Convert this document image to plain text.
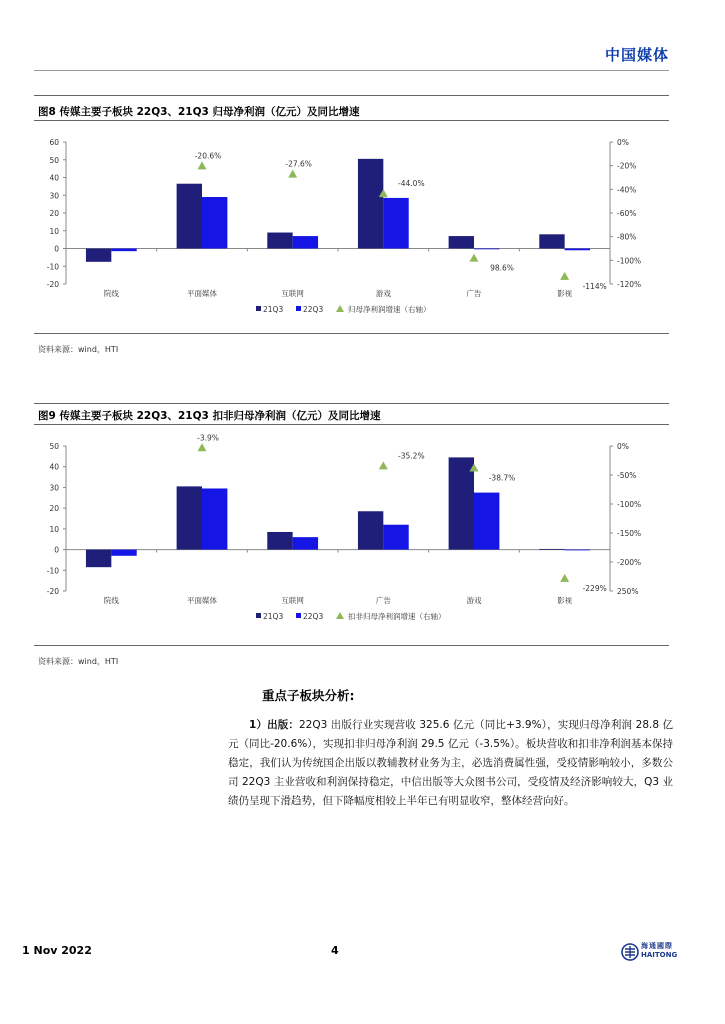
中国媒体
图8 传媒主要子板块 22Q3、21Q3 归母净利润（亿元）及同比增速
-20
-10
0
10
20
30
40
50
60	0%
-20%
-40%
-60%
-80%
-100%
-120%
院线	平面媒体
-20.6%
互联网
-27.6%
游戏
-44.0%
广告
98.6%
影视
-114%
21Q3	22Q3	归母净利润增速（右轴）
资料来源：wind，HTI
图9 传媒主要子板块 22Q3、21Q3 扣非归母净利润（亿元）及同比增速
-20
-10
0
10
20
30
40
50	0%
-50%
-100%
-150%
-200%
250%
院线	平面媒体
-3.9%
互联网	广告
-35.2%
游戏
-38.7%
影视
-229%
21Q3	22Q3	扣非归母净利润增速（右轴）
资料来源：wind，HTI
重点子板块分析:
1）出版：22Q3 出版行业实现营收 325.6 亿元（同比+3.9%），实现归母净利润 28.8 亿元（同比-20.6%），实现扣非归母净利润 29.5 亿元（-3.5%）。板块营收和扣非净利润基本保持稳定，我们认为传统国企出版以教辅教材业务为主，必选消费属性强，受疫情影响较小，多数公司 22Q3 主业营收和利润保持稳定，中信出版等大众图书公司，受疫情及经济影响较大，Q3 业绩仍呈现下滑趋势，但下降幅度相较上半年已有明显收窄，整体经营向好。
1 Nov 2022	4	海通國際
HAITONG
